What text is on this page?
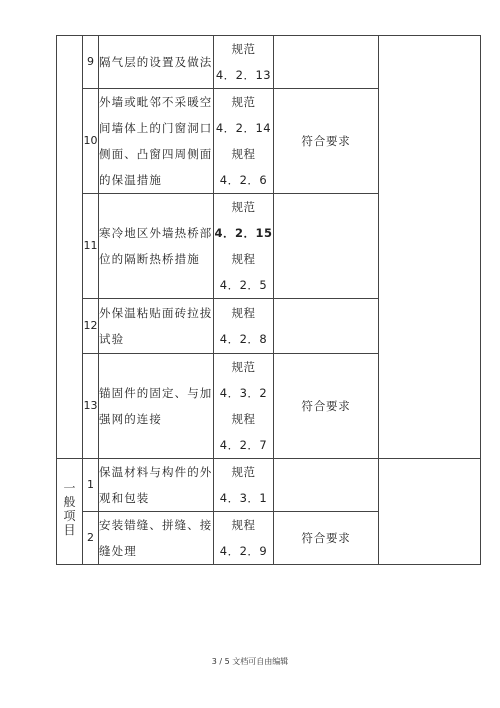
	9	隔气层的设置及做法	规范
4．2．13		

	10	外墙或毗邻不采暖空
间墙体上的门窗洞口
侧面、凸窗四周侧面
的保温措施	规范
4．2．14
规程
4．2．6	符合要求	
	11	寒冷地区外墙热桥部
位的隔断热桥措施	规范
4．2．15
规程
4．2．5		

	12	外保温粘贴面砖拉拔
试验	规程
4．2．8		

	13	锚固件的固定、与加
强网的连接	规范
4．3．2
规程
4．2．7	符合要求	
一般项目	1	保温材料与构件的外
观和包装	规范
4．3．1		

	2	安装错缝、拼缝、接
缝处理	规程
4．2．9	符合要求	
3 / 5 文档可自由编辑
